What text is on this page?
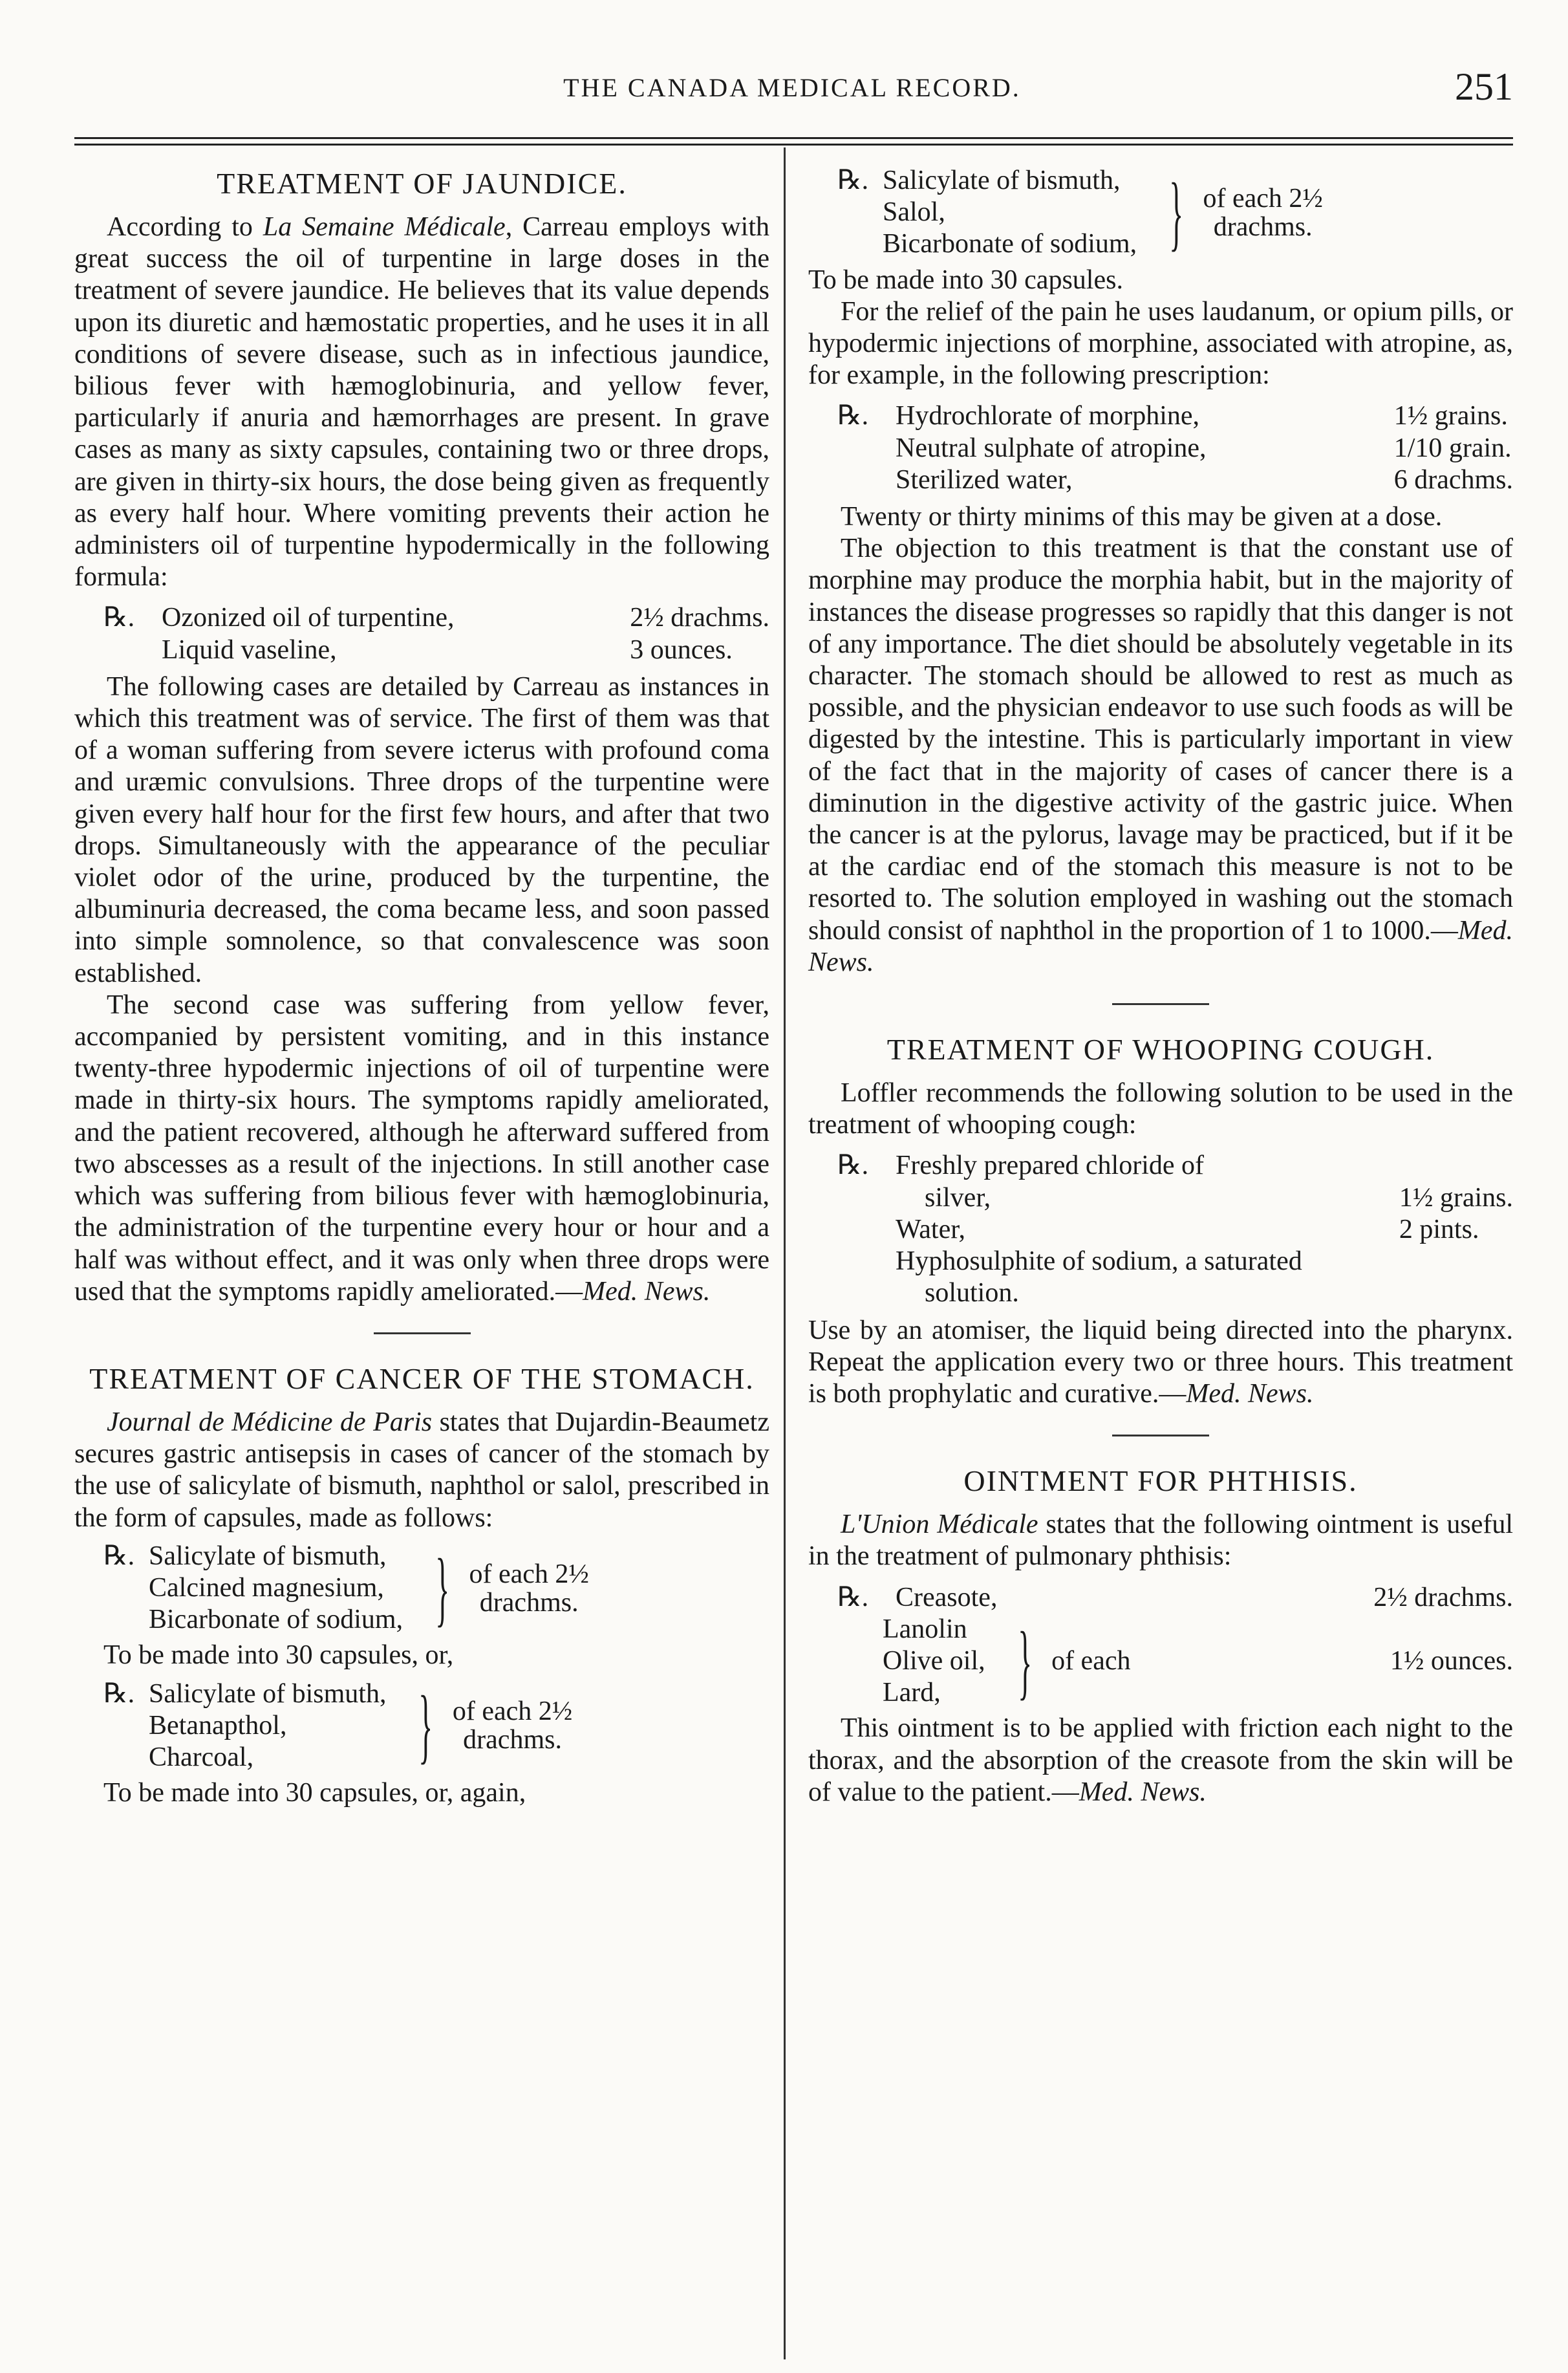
THE CANADA MEDICAL RECORD.	251
TREATMENT OF JAUNDICE.

According to La Semaine Médicale, Carreau employs with great success the oil of turpentine in large doses in the treatment of severe jaundice. He believes that its value depends upon its diuretic and hæmostatic properties, and he uses it in all conditions of severe disease, such as in infectious jaundice, bilious fever with hæmoglobinuria, and yellow fever, particularly if anuria and hæmorrhages are present. In grave cases as many as sixty capsules, containing two or three drops, are given in thirty-six hours, the dose being given as frequently as every half hour. Where vomiting prevents their action he administers oil of turpentine hypodermically in the following formula:

℞. Ozonized oil of turpentine,	2½ drachms.
Liquid vaseline,	3 ounces.

The following cases are detailed by Carreau as instances in which this treatment was of service. The first of them was that of a woman suffering from severe icterus with profound coma and uræmic convulsions. Three drops of the turpentine were given every half hour for the first few hours, and after that two drops. Simultaneously with the appearance of the peculiar violet odor of the urine, produced by the turpentine, the albuminuria decreased, the coma became less, and soon passed into simple somnolence, so that convalescence was soon established.

The second case was suffering from yellow fever, accompanied by persistent vomiting, and in this instance twenty-three hypodermic injections of oil of turpentine were made in thirty-six hours. The symptoms rapidly ameliorated, and the patient recovered, although he afterward suffered from two abscesses as a result of the injections. In still another case which was suffering from bilious fever with hæmoglobinuria, the administration of the turpentine every hour or hour and a half was without effect, and it was only when three drops were used that the symptoms rapidly ameliorated.—Med. News.

TREATMENT OF CANCER OF THE STOMACH.

Journal de Médicine de Paris states that Dujardin-Beaumetz secures gastric antisepsis in cases of cancer of the stomach by the use of salicylate of bismuth, naphthol or salol, prescribed in the form of capsules, made as follows:

℞. Salicylate of bismuth,
Calcined magnesium,
Bicarbonate of sodium, } of each 2½
drachms.

To be made into 30 capsules, or,

℞. Salicylate of bismuth,
Betanapthol,
Charcoal,	} of each 2½
drachms.

To be made into 30 capsules, or, again,

℞. Salicylate of bismuth,
Salol,
Bicarbonate of sodium, } of each 2½
drachms.

To be made into 30 capsules.

For the relief of the pain he uses laudanum, or opium pills, or hypodermic injections of morphine, associated with atropine, as, for example, in the following prescription:

℞. Hydrochlorate of morphine,	1½ grains.
Neutral sulphate of atropine,	1/10 grain.
Sterilized water,	6 drachms.

Twenty or thirty minims of this may be given at a dose.

The objection to this treatment is that the constant use of morphine may produce the morphia habit, but in the majority of instances the disease progresses so rapidly that this danger is not of any importance. The diet should be absolutely vegetable in its character. The stomach should be allowed to rest as much as possible, and the physician endeavor to use such foods as will be digested by the intestine. This is particularly important in view of the fact that in the majority of cases of cancer there is a diminution in the digestive activity of the gastric juice. When the cancer is at the pylorus, lavage may be practiced, but if it be at the cardiac end of the stomach this measure is not to be resorted to. The solution employed in washing out the stomach should consist of naphthol in the proportion of 1 to 1000.—Med. News.

TREATMENT OF WHOOPING COUGH.

Loffler recommends the following solution to be used in the treatment of whooping cough:

℞. Freshly prepared chloride of
silver,	1½ grains.
Water,	2 pints.
Hyphosulphite of sodium, a saturated
solution.

Use by an atomiser, the liquid being directed into the pharynx. Repeat the application every two or three hours. This treatment is both prophylatic and curative.—Med. News.

OINTMENT FOR PHTHISIS.

L'Union Médicale states that the following ointment is useful in the treatment of pulmonary phthisis:

℞. Creasote,	2½ drachms.
Lanolin
Olive oil,
Lard, } of each	1½ ounces.

This ointment is to be applied with friction each night to the thorax, and the absorption of the creasote from the skin will be of value to the patient.—Med. News.
